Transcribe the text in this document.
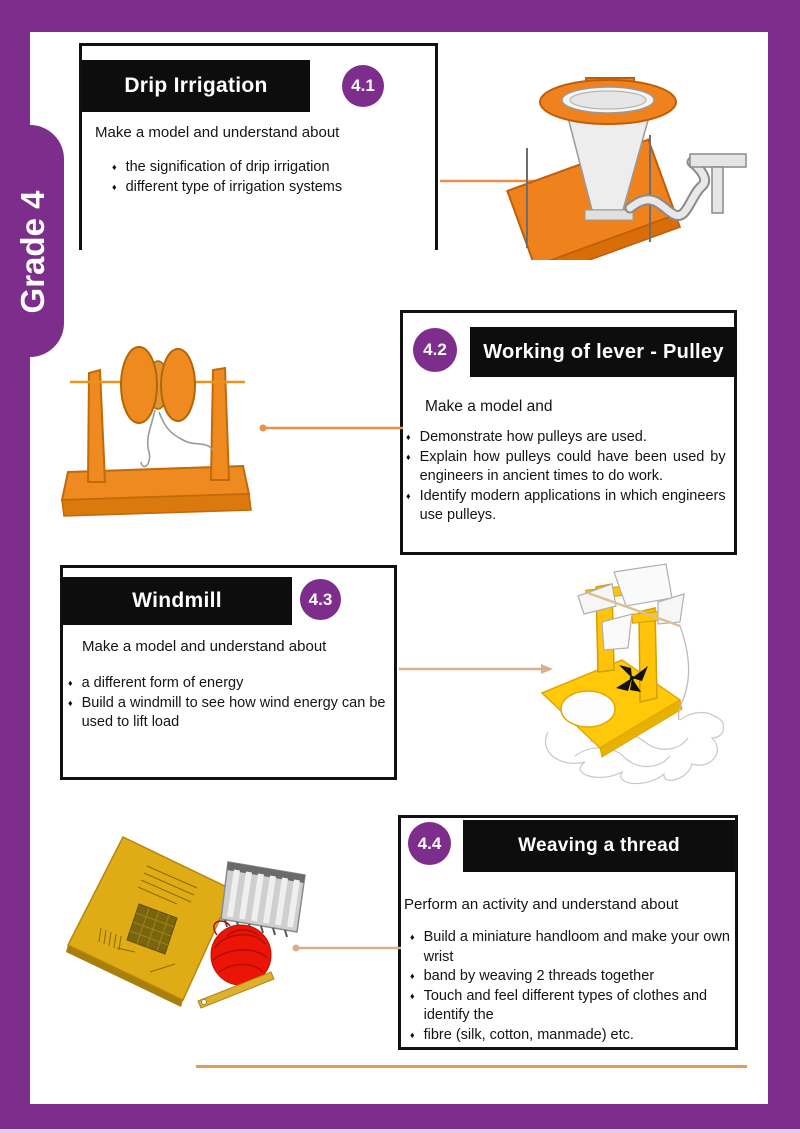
Grade 4
Drip Irrigation	4.1
Make a model and understand about
♦ the signification of drip irrigation
♦ different type of irrigation systems
Working of lever - Pulley
4.2
Make a model and
♦ Demonstrate how pulleys are used.
♦ Explain how pulleys could have been used by engineers in ancient times to do work.
♦ Identify modern applications in which engineers use pulleys.
Windmill	4.3
Make a model and understand about
♦ a different form of energy
♦ Build a windmill to see how wind energy can be used to lift load
Weaving a thread
4.4
Perform an activity and understand about
♦ Build a miniature handloom and make your own wrist
♦ band by weaving 2 threads together
♦ Touch and feel different types of clothes and identify the
♦ fibre (silk, cotton, manmade) etc.
